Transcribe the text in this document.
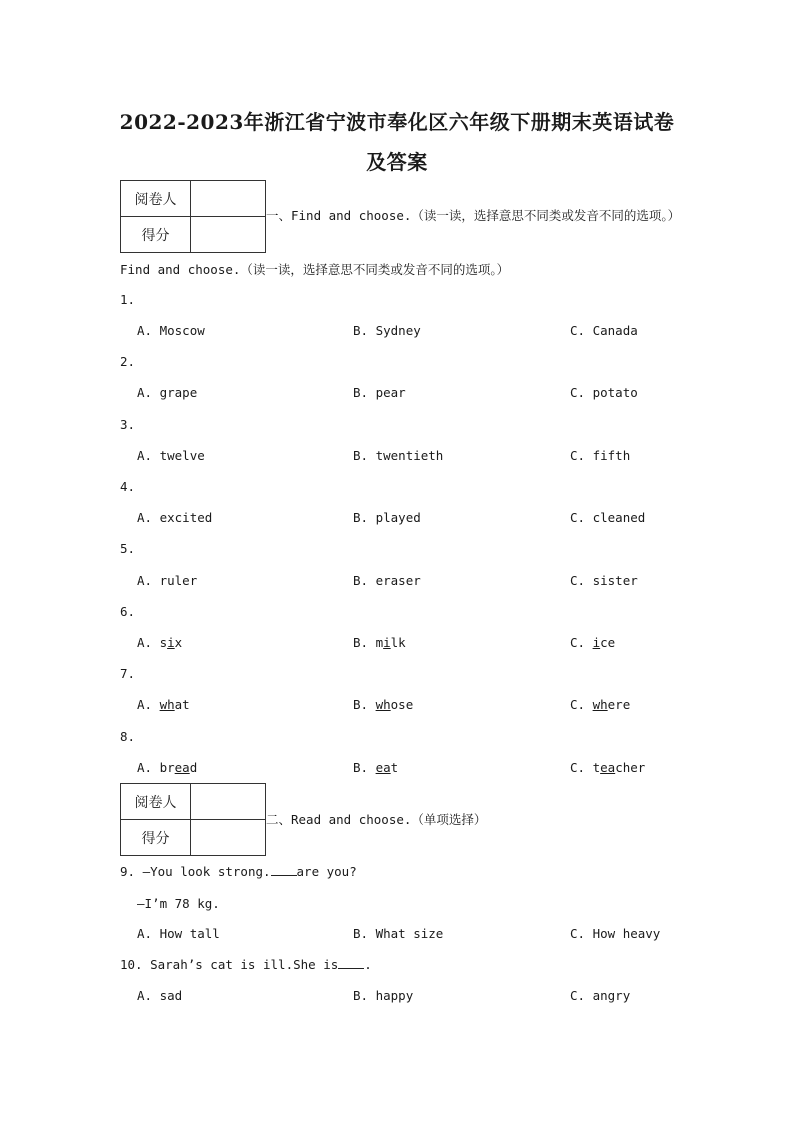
2022-2023年浙江省宁波市奉化区六年级下册期末英语试卷
及答案
阅卷人	
得分	
一、Find and choose.（读一读，选择意思不同类或发音不同的选项。）
Find and choose.（读一读，选择意思不同类或发音不同的选项。）
1.
A. Moscow	B. Sydney	C. Canada
2.
A. grape	B. pear	C. potato
3.
A. twelve	B. twentieth	C. fifth
4.
A. excited	B. played	C. cleaned
5.
A. ruler	B. eraser	C. sister
6.
A. six	B. milk	C. ice
7.
A. what	B. whose	C. where
8.
A. bread	B. eat	C. teacher
阅卷人	
得分	
二、Read and choose.（单项选择）
9. —You look strong. are you?
—I’m 78 kg.
A. How tall	B. What size	C. How heavy
10. Sarah’s cat is ill.She is .
A. sad	B. happy	C. angry
